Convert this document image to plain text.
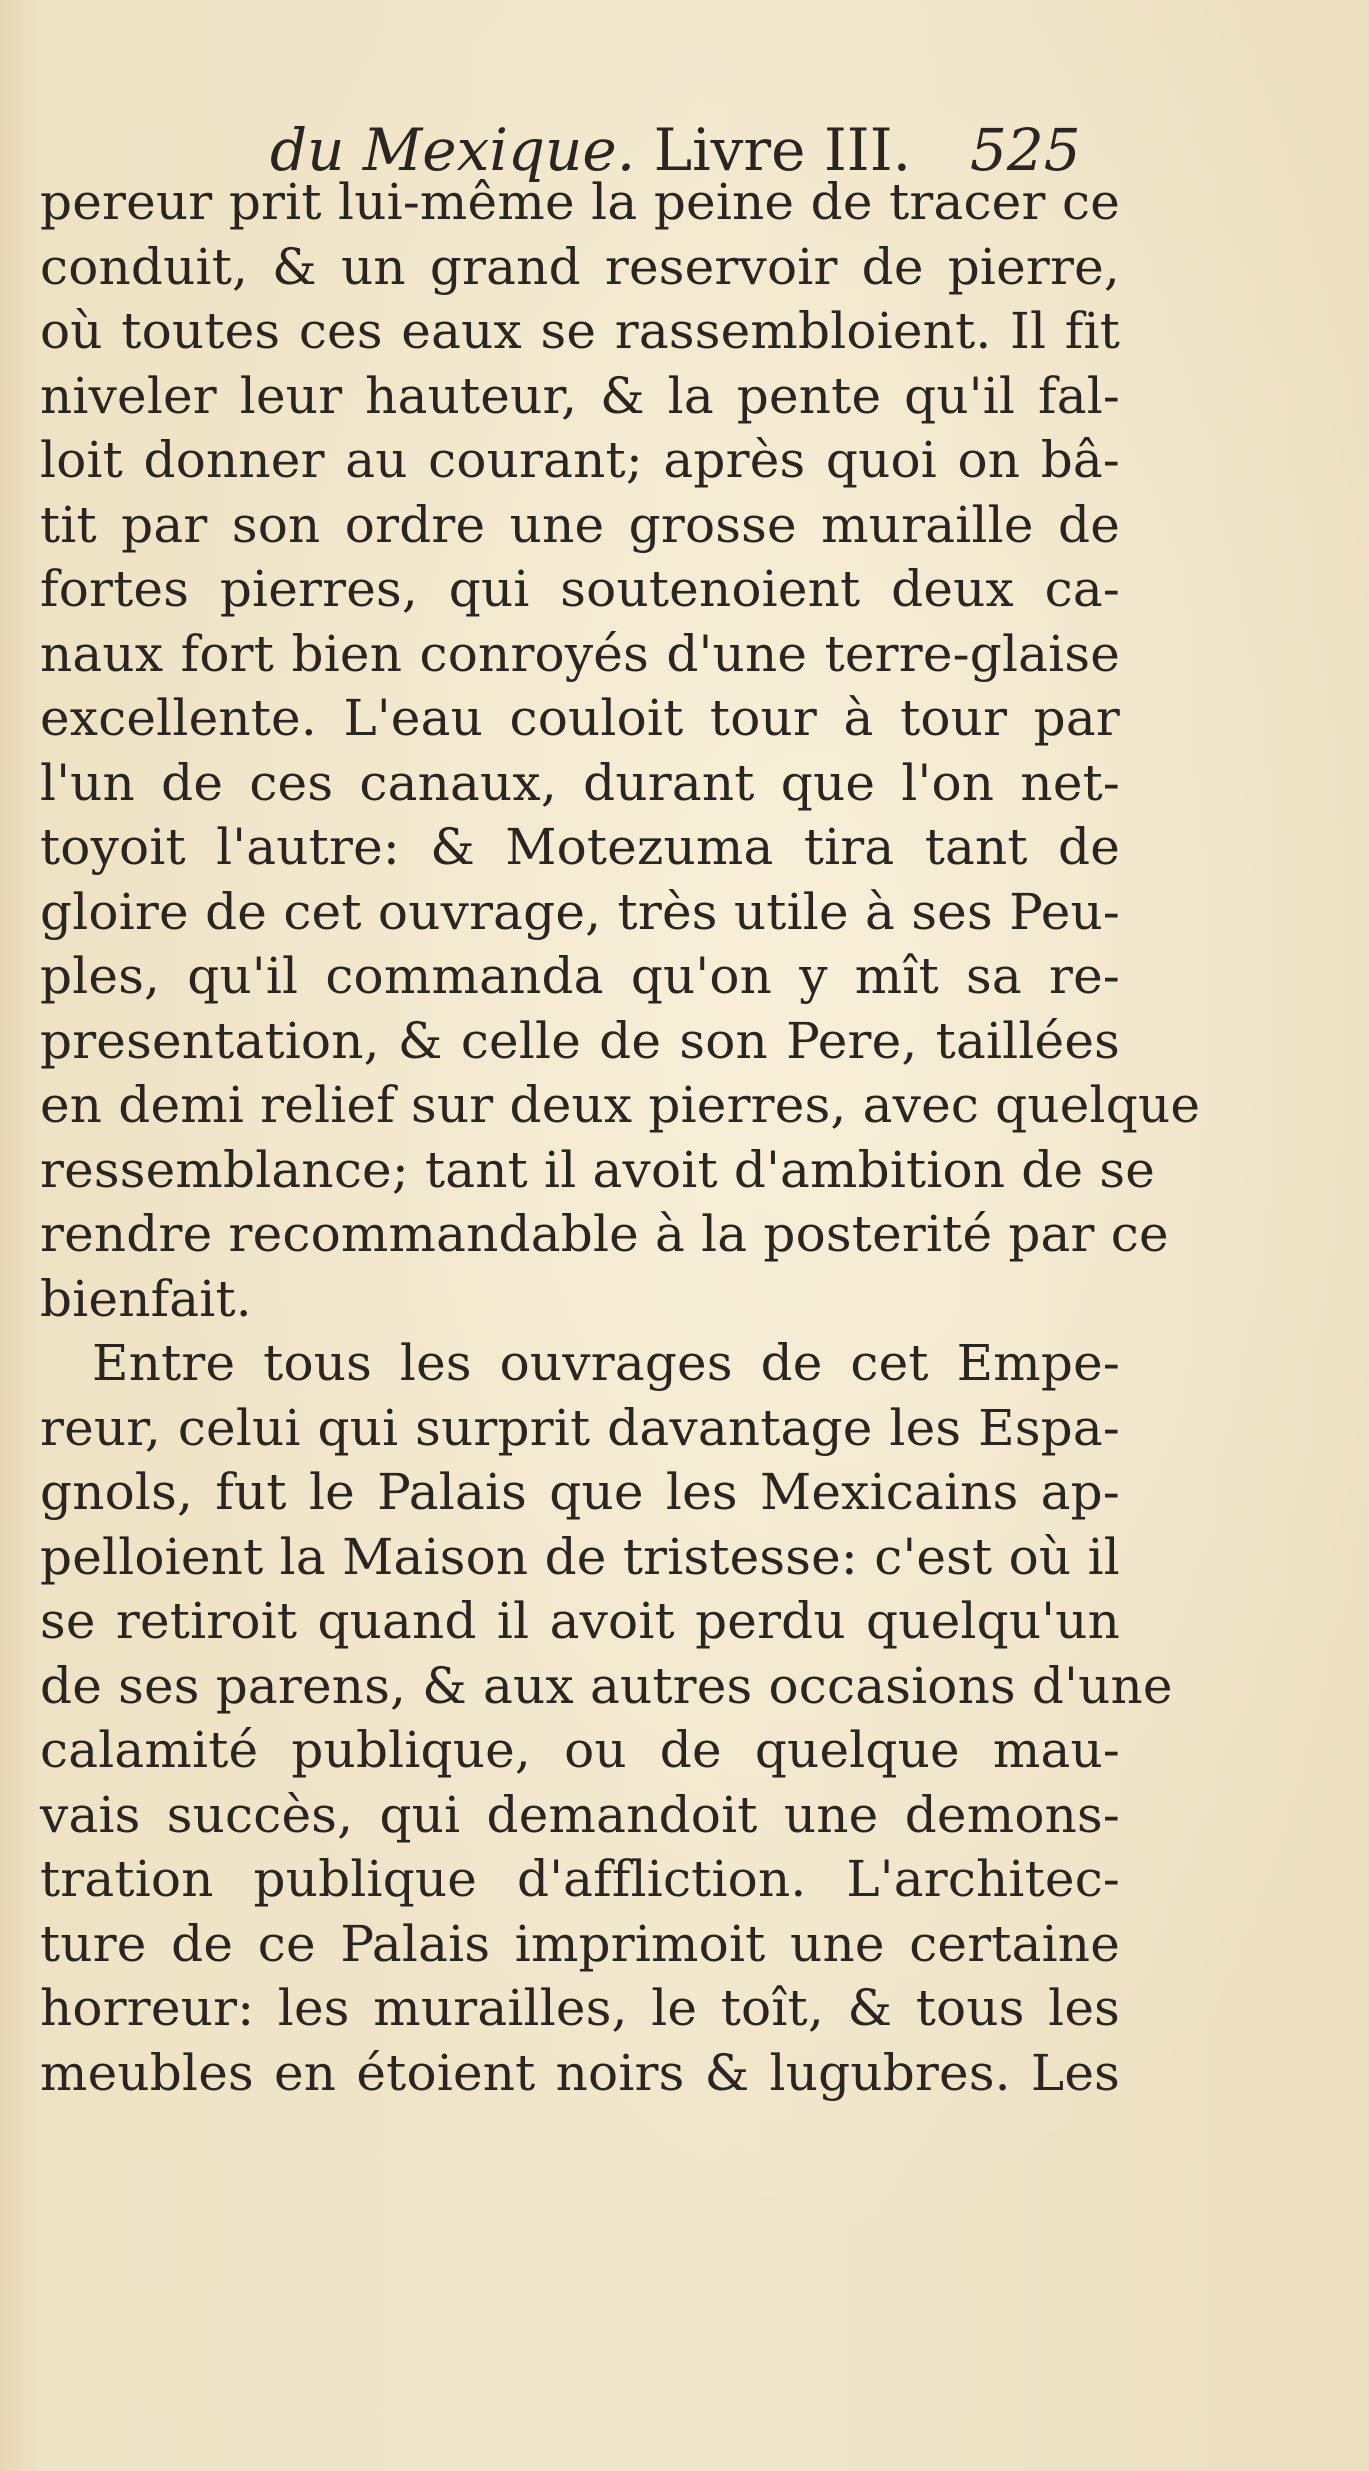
du Mexique. Livre III. 525
pereur prit lui-même la peine de tracer ce
conduit, & un grand reservoir de pierre,
où toutes ces eaux se rassembloient. Il fit
niveler leur hauteur, & la pente qu'il fal-
loit donner au courant; après quoi on bâ-
tit par son ordre une grosse muraille de
fortes pierres, qui soutenoient deux ca-
naux fort bien conroyés d'une terre-glaise
excellente. L'eau couloit tour à tour par
l'un de ces canaux, durant que l'on net-
toyoit l'autre: & Motezuma tira tant de
gloire de cet ouvrage, très utile à ses Peu-
ples, qu'il commanda qu'on y mît sa re-
presentation, & celle de son Pere, taillées
en demi relief sur deux pierres, avec quelque
ressemblance; tant il avoit d'ambition de se
rendre recommandable à la posterité par ce
bienfait.
Entre tous les ouvrages de cet Empe-
reur, celui qui surprit davantage les Espa-
gnols, fut le Palais que les Mexicains ap-
pelloient la Maison de tristesse: c'est où il
se retiroit quand il avoit perdu quelqu'un
de ses parens, & aux autres occasions d'une
calamité publique, ou de quelque mau-
vais succès, qui demandoit une demons-
tration publique d'affliction. L'architec-
ture de ce Palais imprimoit une certaine
horreur: les murailles, le toît, & tous les
meubles en étoient noirs & lugubres. Les
